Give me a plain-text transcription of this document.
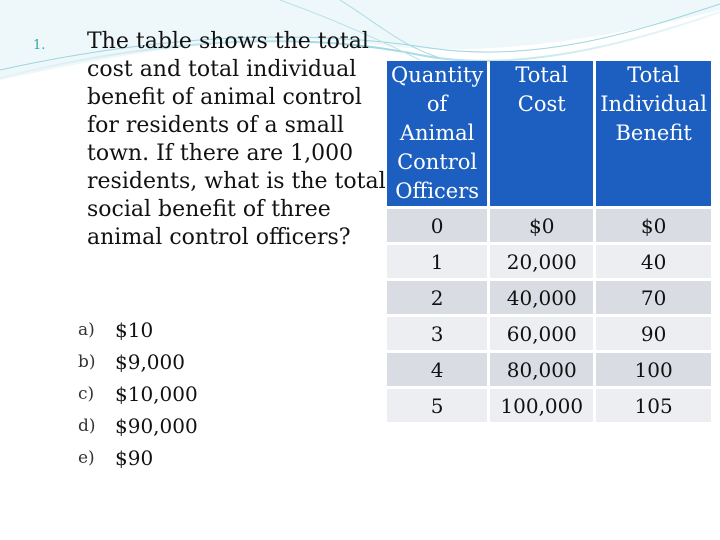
1. The table shows the total cost and total individual benefit of animal control for residents of a small town. If there are 1,000 residents, what is the total social benefit of three animal control officers?
a)	$10
b) $9,000
c)	$10,000
d) $90,000
e)	$90
Quantity of Animal Control Officers	Total Cost	Total Individual Benefit
0	$0	$0
1	20,000	40
2	40,000	70
3	60,000	90
4	80,000	100
5	100,000	105
